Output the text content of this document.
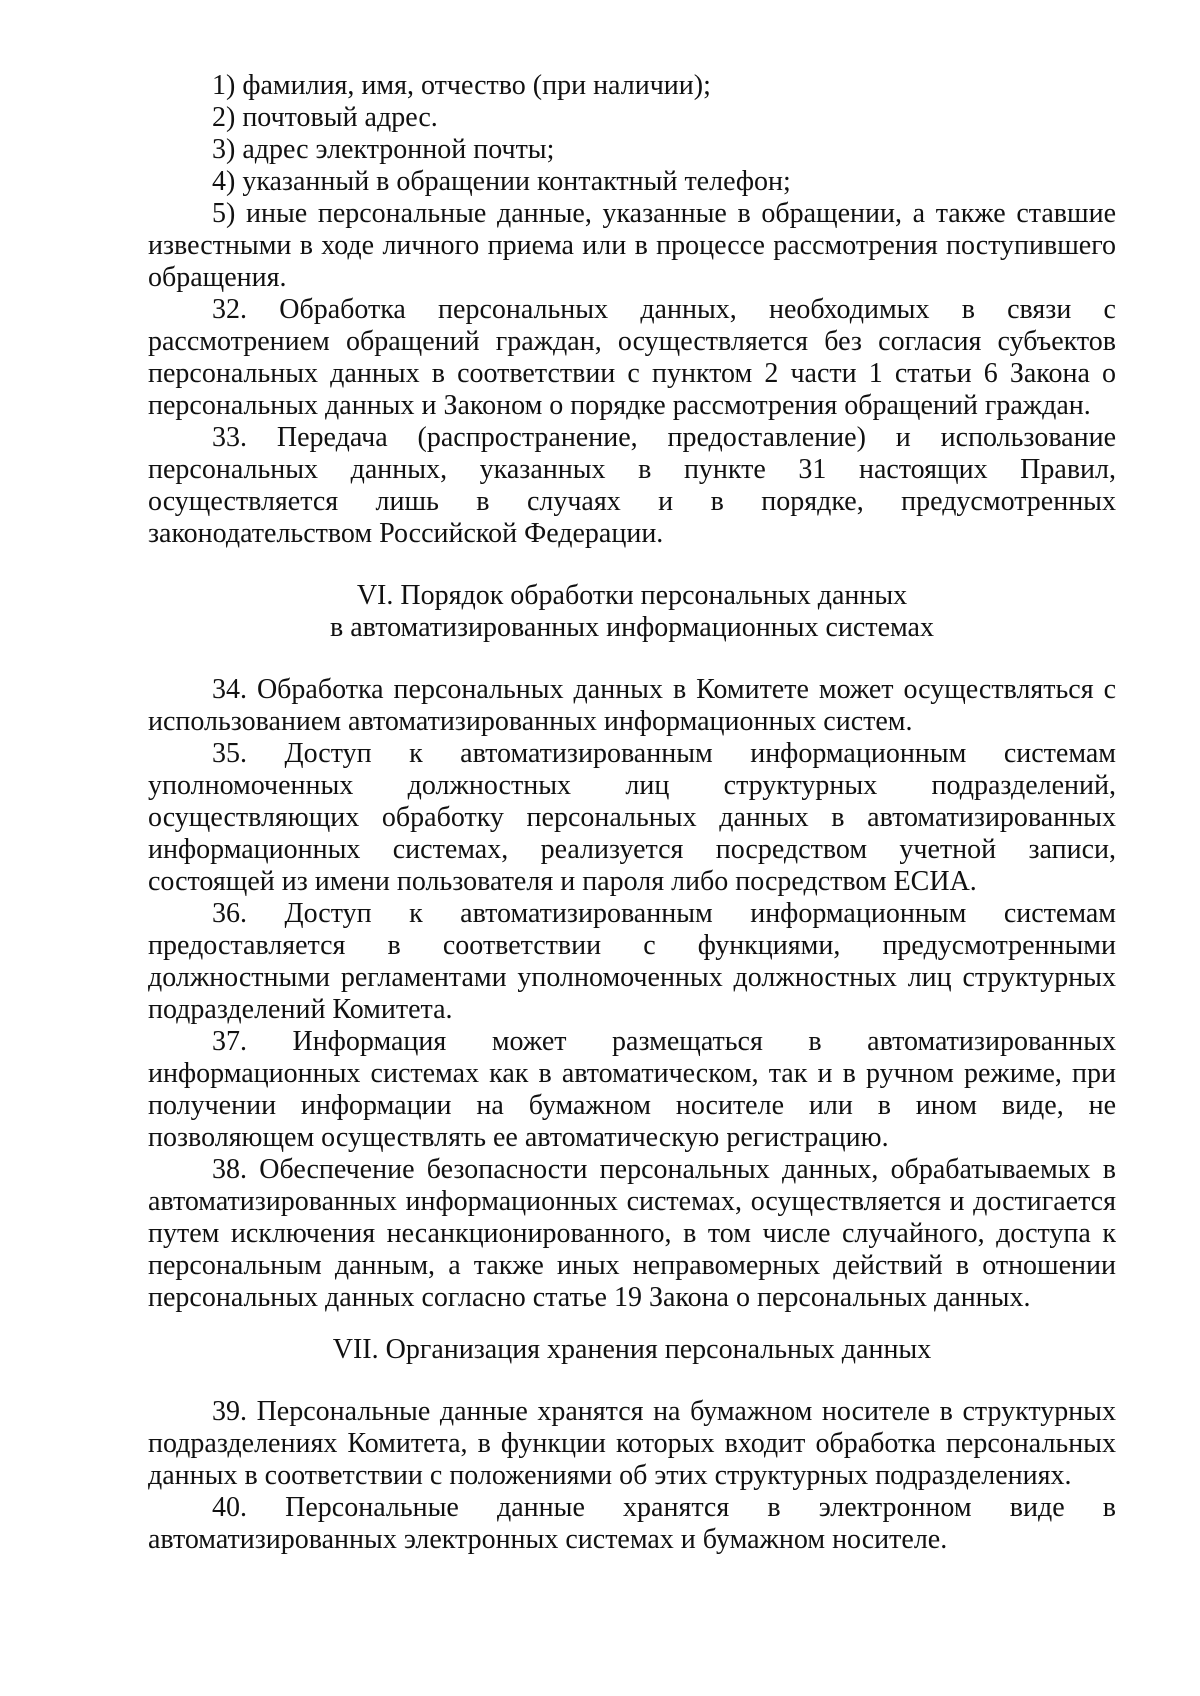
1) фамилия, имя, отчество (при наличии);

2) почтовый адрес.

3) адрес электронной почты;

4) указанный в обращении контактный телефон;

5) иные персональные данные, указанные в обращении, а также ставшие известными в ходе личного приема или в процессе рассмотрения поступившего обращения.

32. Обработка персональных данных, необходимых в связи с рассмотрением обращений граждан, осуществляется без согласия субъектов персональных данных в соответствии с пунктом 2 части 1 статьи 6 Закона о персональных данных и Законом о порядке рассмотрения обращений граждан.

33. Передача (распространение, предоставление) и использование персональных данных, указанных в пункте 31 настоящих Правил, осуществляется лишь в случаях и в порядке, предусмотренных законодательством Российской Федерации.

VI. Порядок обработки персональных данных
в автоматизированных информационных системах

34. Обработка персональных данных в Комитете может осуществляться с использованием автоматизированных информационных систем.

35. Доступ к автоматизированным информационным системам уполномоченных должностных лиц структурных подразделений, осуществляющих обработку персональных данных в автоматизированных информационных системах, реализуется посредством учетной записи, состоящей из имени пользователя и пароля либо посредством ЕСИА.

36. Доступ к автоматизированным информационным системам предоставляется в соответствии с функциями, предусмотренными должностными регламентами уполномоченных должностных лиц структурных подразделений Комитета.

37. Информация может размещаться в автоматизированных информационных системах как в автоматическом, так и в ручном режиме, при получении информации на бумажном носителе или в ином виде, не позволяющем осуществлять ее автоматическую регистрацию.

38. Обеспечение безопасности персональных данных, обрабатываемых в автоматизированных информационных системах, осуществляется и достигается путем исключения несанкционированного, в том числе случайного, доступа к персональным данным, а также иных неправомерных действий в отношении персональных данных согласно статье 19 Закона о персональных данных.

VII. Организация хранения персональных данных

39. Персональные данные хранятся на бумажном носителе в структурных подразделениях Комитета, в функции которых входит обработка персональных данных в соответствии с положениями об этих структурных подразделениях.

40. Персональные данные хранятся в электронном виде в автоматизированных электронных системах и бумажном носителе.
